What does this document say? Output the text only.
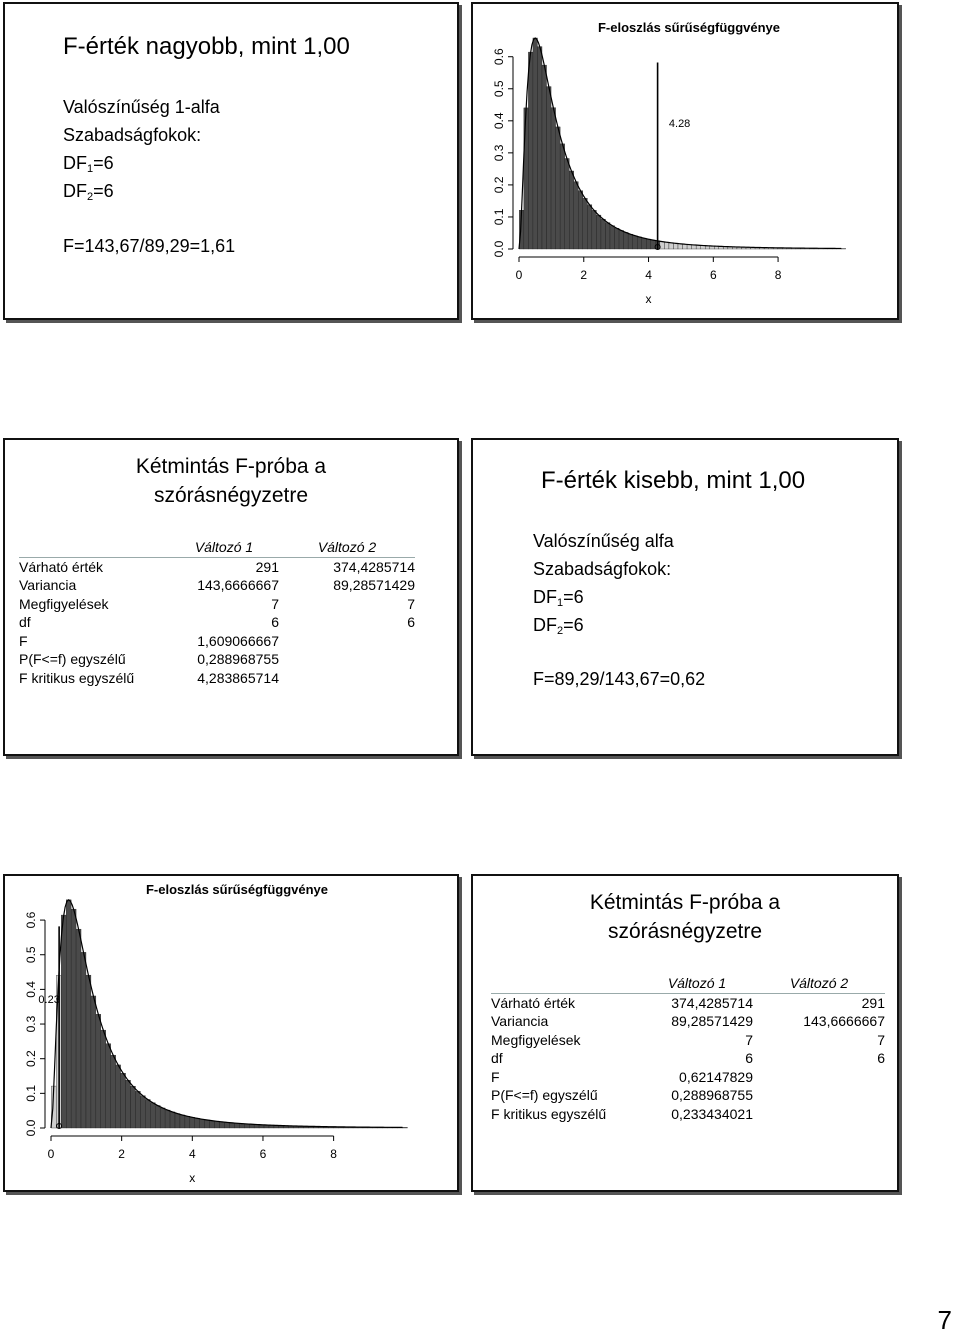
F-érték nagyobb, mint 1,00
Valószínűség 1-alfa
Szabadságfokok:
$DF_1=6$
$DF_2=6$
F=143,67/89,29=1,61
F-eloszlás sűrűségfüggvénye
0.0
0.1
0.2
0.3
0.4
0.5
0.6
0	2	4	6	8
x
4.28
Kétmintás F-próba a
szórásnégyzetre
	Változó 1	Változó 2
Várható érték	291	374,4285714
Variancia	143,6666667	89,28571429
Megfigyelések	7	7
df	6	6
F	1,609066667	
P(F<=f) egyszélű	0,288968755	
F kritikus egyszélű	4,283865714	
F-érték kisebb, mint 1,00
Valószínűség alfa
Szabadságfokok:
$DF_1=6$
$DF_2=6$
F=89,29/143,67=0,62
F-eloszlás sűrűségfüggvénye
0.0
0.1
0.2
0.3
0.4
0.5
0.6
0	2	4	6	8
x
0.23
Kétmintás F-próba a
szórásnégyzetre
	Változó 1	Változó 2
Várható érték	374,4285714	291
Variancia	89,28571429	143,6666667
Megfigyelések	7	7
df	6	6
F	0,62147829	
P(F<=f) egyszélű	0,288968755	
F kritikus egyszélű	0,233434021	
7
